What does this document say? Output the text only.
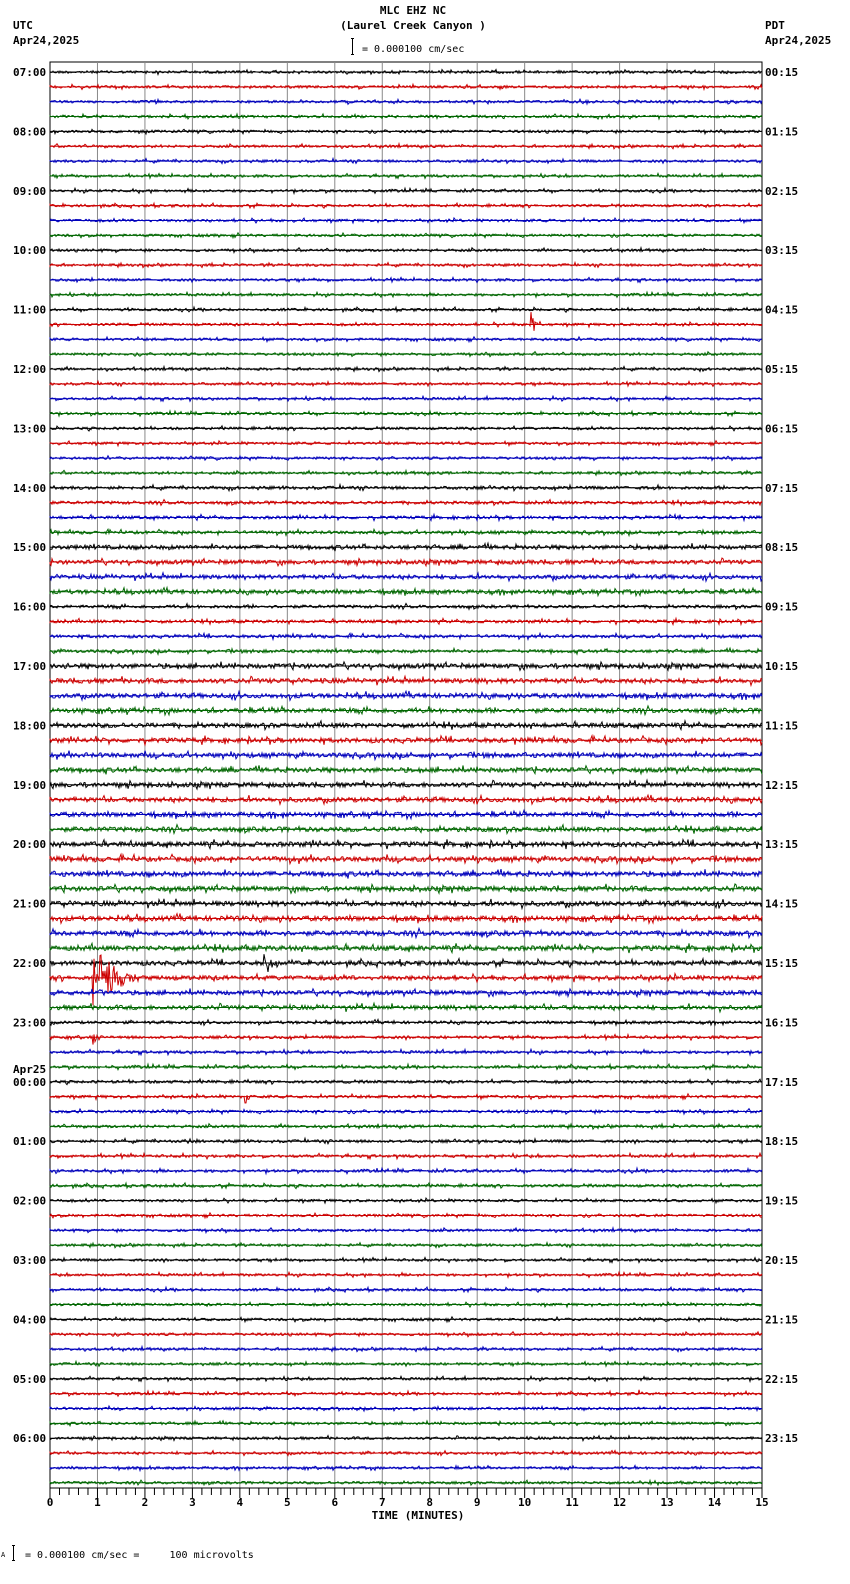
MLC EHZ NC
(Laurel Creek Canyon )
UTC
Apr24,2025
PDT
Apr24,2025
= 0.000100 cm/sec
07:00
08:00
09:00
10:00
11:00
12:00
13:00
14:00
15:00
16:00
17:00
18:00
19:00
20:00
21:00
22:00
23:00
00:00
Apr25
01:00
02:00
03:00
04:00
05:00
06:00
00:15
01:15
02:15
03:15
04:15
05:15
06:15
07:15
08:15
09:15
10:15
11:15
12:15
13:15
14:15
15:15
16:15
17:15
18:15
19:15
20:15
21:15
22:15
23:15
0	1	2	3	4	5	6	7	8	9	10	11	12	13	14	15
TIME (MINUTES)
A = 0.000100 cm/sec =     100 microvolts
